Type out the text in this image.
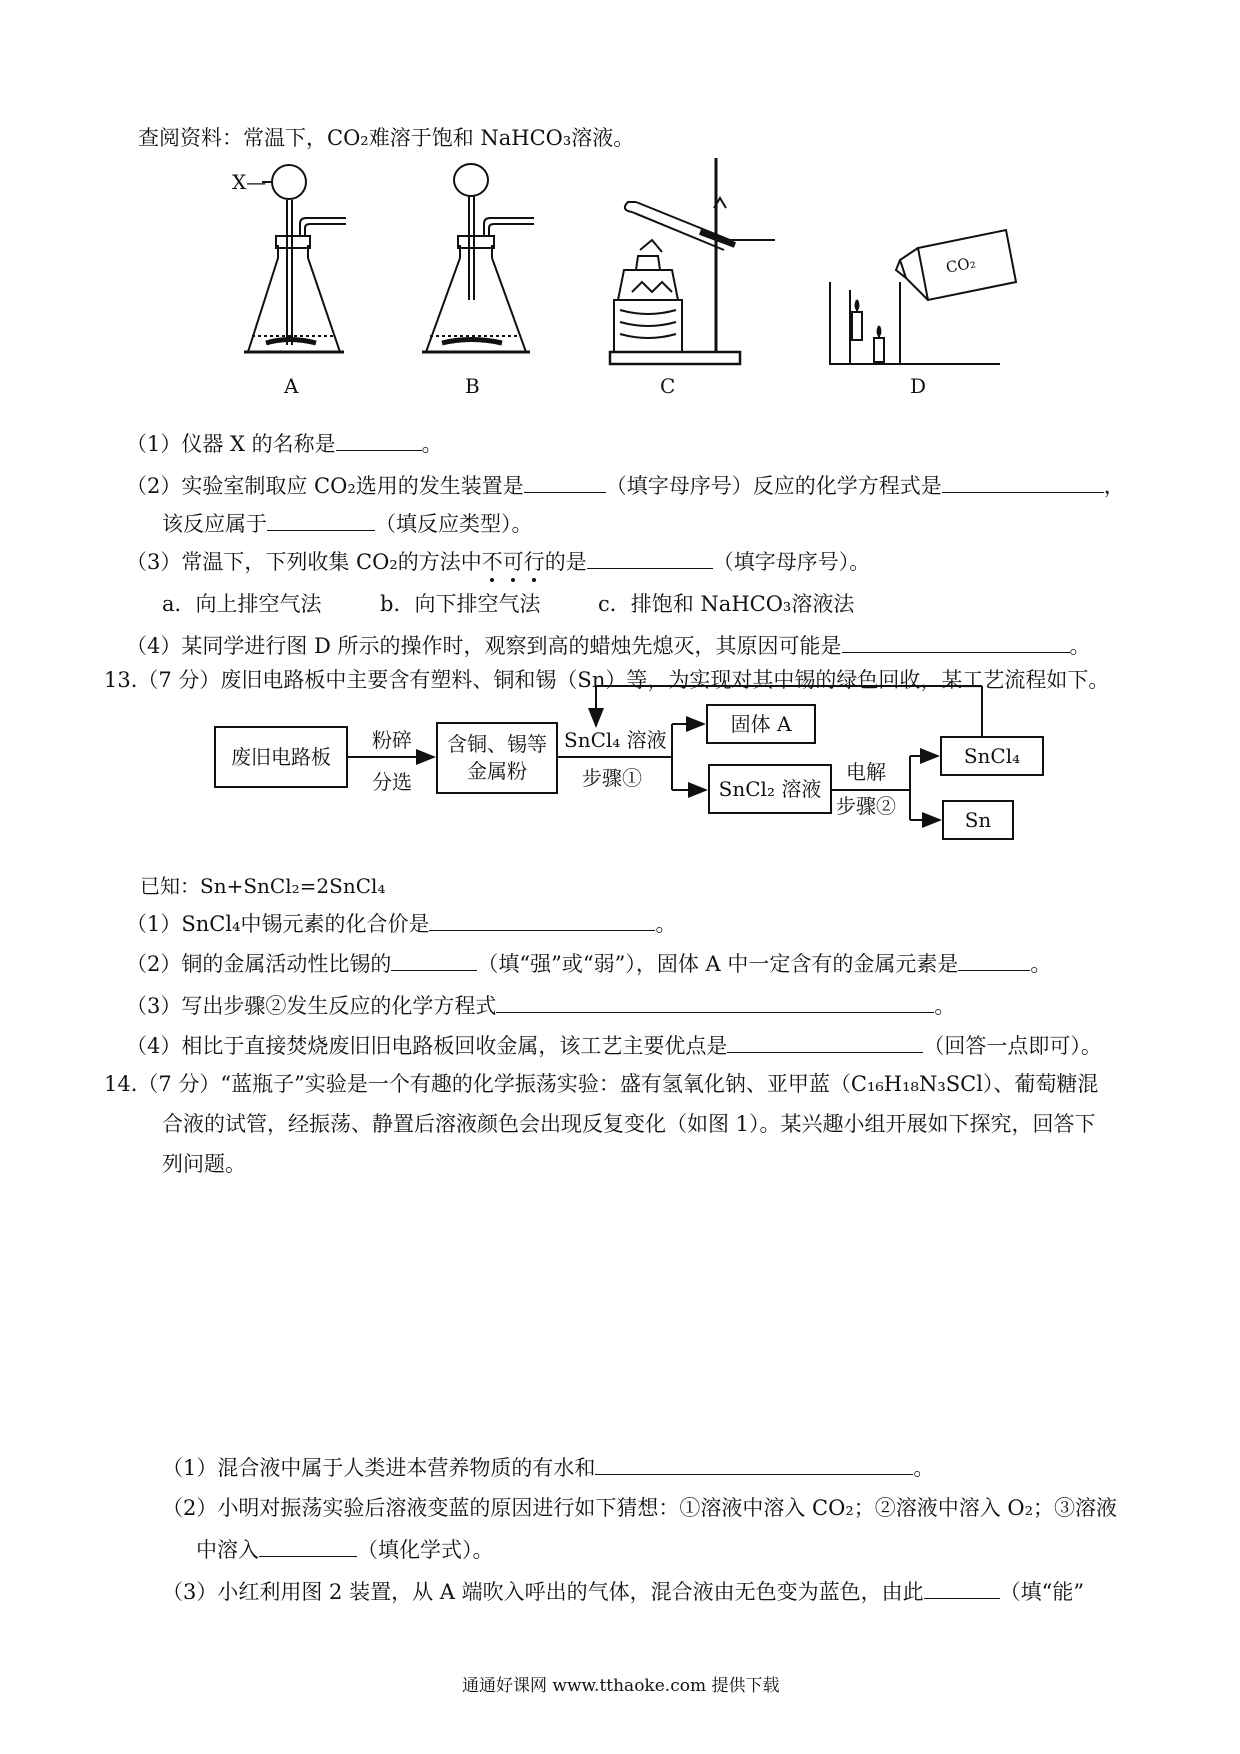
查阅资料：常温下，CO₂难溶于饱和 NaHCO₃溶液。
X—
CO₂
A	B	C	D
（1）仪器 X 的名称是	。
（2）实验室制取应 CO₂选用的发生装置是	（填字母序号）反应的化学方程式是	，
该反应属于	（填反应类型）。
（3）常温下，下列收集 CO₂的方法中不可行的是	（填字母序号）。
a．向上排空气法	b．向下排空气法	c．排饱和 NaHCO₃溶液法
（4）某同学进行图 D 所示的操作时，观察到高的蜡烛先熄灭，其原因可能是	。
13.（7 分）废旧电路板中主要含有塑料、铜和锡（Sn）等，为实现对其中锡的绿色回收，某工艺流程如下。
废旧电路板
粉碎
分选
含铜、锡等
金属粉
SnCl₄ 溶液
步骤①
固体 A
SnCl₂ 溶液
电解
步骤②
SnCl₄
Sn
已知：Sn+SnCl₂=2SnCl₄
（1）SnCl₄中锡元素的化合价是	。
（2）铜的金属活动性比锡的	（填“强”或“弱”），固体 A 中一定含有的金属元素是	。
（3）写出步骤②发生反应的化学方程式	。
（4）相比于直接焚烧废旧旧电路板回收金属，该工艺主要优点是	（回答一点即可）。
14.（7 分）“蓝瓶子”实验是一个有趣的化学振荡实验：盛有氢氧化钠、亚甲蓝（C₁₆H₁₈N₃SCl）、葡萄糖混
合液的试管，经振荡、静置后溶液颜色会出现反复变化（如图 1）。某兴趣小组开展如下探究，回答下
列问题。
（1）混合液中属于人类进本营养物质的有水和	。
（2）小明对振荡实验后溶液变蓝的原因进行如下猜想：①溶液中溶入 CO₂；②溶液中溶入 O₂；③溶液
中溶入	（填化学式）。
（3）小红利用图 2 装置，从 A 端吹入呼出的气体，混合液由无色变为蓝色，由此	（填“能”
通通好课网 www.tthaoke.com 提供下载
